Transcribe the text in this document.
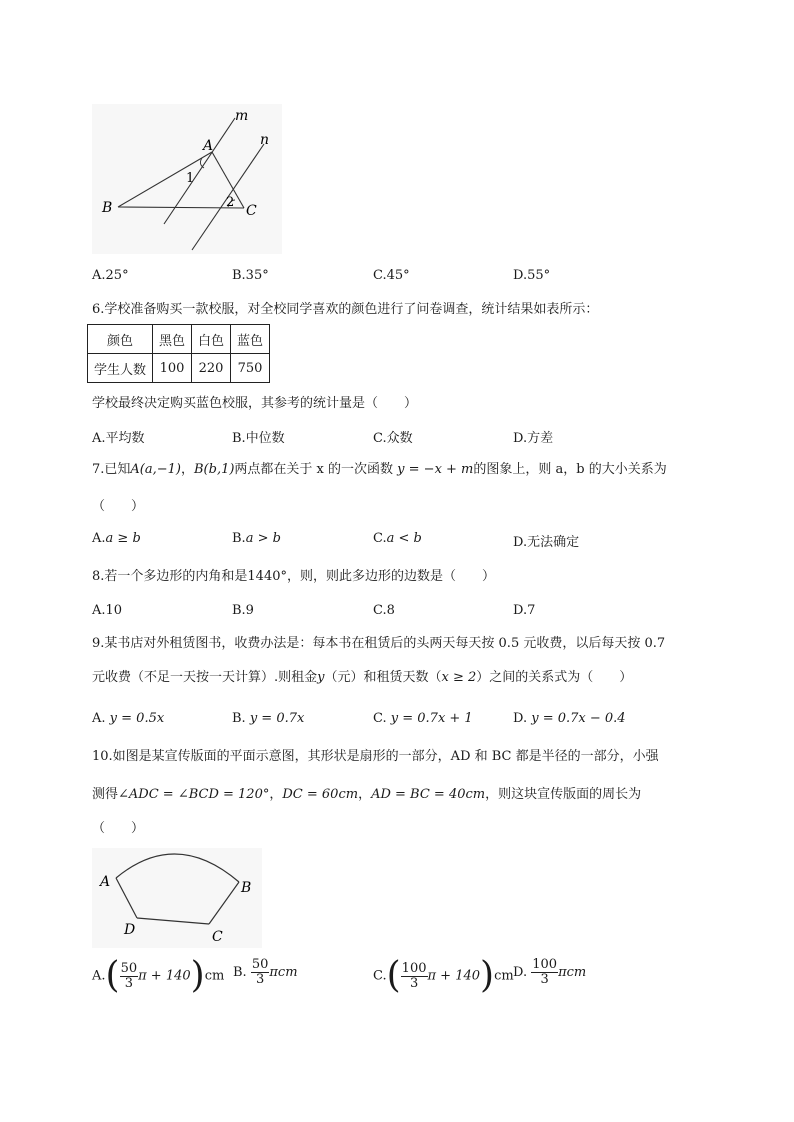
m
n
A
B	C
1
2
A.25°	B.35°	C.45°	D.55°
6.学校准备购买一款校服，对全校同学喜欢的颜色进行了问卷调查，统计结果如表所示：
颜色	黑色	白色	蓝色
学生人数	100	220	750
学校最终决定购买蓝色校服，其参考的统计量是（　　）
A.平均数	B.中位数	C.众数	D.方差
7.已知A(a,−1)，B(b,1)两点都在关于 x 的一次函数 y = −x + m的图象上，则 a，b 的大小关系为
（　　）
A.a ≥ b	B.a > b	C.a < b	D.无法确定
8.若一个多边形的内角和是1440°，则，则此多边形的边数是（　　）
A.10	B.9	C.8	D.7
9.某书店对外租赁图书，收费办法是：每本书在租赁后的头两天每天按 0.5 元收费，以后每天按 0.7
元收费（不足一天按一天计算）.则租金y（元）和租赁天数（x ≥ 2）之间的关系式为（　　）
A. y = 0.5x	B. y = 0.7x	C. y = 0.7x + 1	D. y = 0.7x − 0.4
10.如图是某宣传版面的平面示意图，其形状是扇形的一部分，AD 和 BC 都是半径的一部分，小强
测得∠ADC = ∠BCD = 120°，DC = 60cm，AD = BC = 40cm，则这块宣传版面的周长为
（　　）
A	B
C
D
$A.( \frac{50}{3}$ π + 140)cm B. $\frac{50}{3}$ πcm	$C.( \frac{100}{3}$ π + 140)cm D. $\frac{100}{3}$ πcm
